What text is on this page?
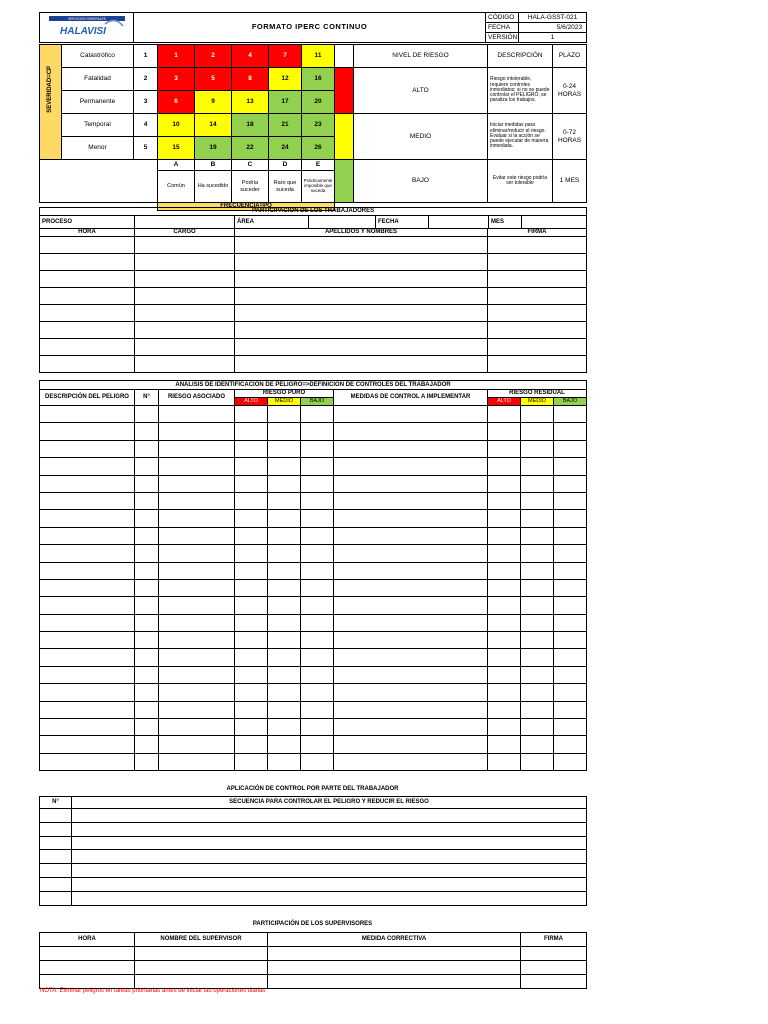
SERVICIOS GENERALES
HALAVISI	FORMATO IPERC CONTINUO	CÓDIGO	HALA-GSST-021
		FECHA	5/6/2023
		VERSIÓN	1
SEVERIDAD=CP	Catastrófico	1	1	2	4	7	11		NIVEL DE RIESGO	DESCRIPCIÓN	PLAZO
	Fatalidad	2	3	5	8	12	16		ALTO	Riesgo intolerable, requiere controles inmediatos; si no se puede controlar el PELIGRO, se paraliza los trabajos.	0-24 HORAS
	Permanente	3	6	9	13	17	20				
	Temporal	4	10	14	18	21	23		MEDIO	Iniciar medidas para eliminar/reducir el riesgo. Evaluar si la acción se puede ejecutar de manera inmediata.	0-72 HORAS
	Menor	5	15	19	22	24	26				
			A	B	C	D	E		BAJO	Evitar este riesgo podría ser tolerable	1 MES
			Común	Ha sucedido	Podría suceder	Raro que suceda	Prácticamente imposible que suceda				
			FRECUENCIA=PQ								
PARTICIPACIÓN DE LOS TRABAJADORES
PROCESO		ÁREA	FECHA	MES	
HORA	CARGO	APELLIDOS Y NOMBRES	FIRMA

ANALISIS DE IDENTIFICACIÓN DE PELIGRO=>DEFINICIÓN DE CONTROLES DEL TRABAJADOR									
DESCRIPCIÓN DEL PELIGRO	N°	RIESGO ASOCIADO	RIESGO PURO			MEDIDAS DE CONTROL A IMPLEMENTAR	RIESGO RESIDUAL		
			ALTO	MEDIO	BAJO		ALTO	MEDIO	BAJO

APLICACIÓN DE CONTROL POR PARTE DEL TRABAJADOR
N°	SECUENCIA PARA CONTROLAR EL PELIGRO Y REDUCIR EL RIESGO

PARTICIPACIÓN DE LOS SUPERVISORES
HORA	NOMBRE DEL SUPERVISOR	MEDIDA CORRECTIVA	FIRMA

NOTA: Eliminar peligros en tareas prioritarias antes de iniciar las operaciones diarias
